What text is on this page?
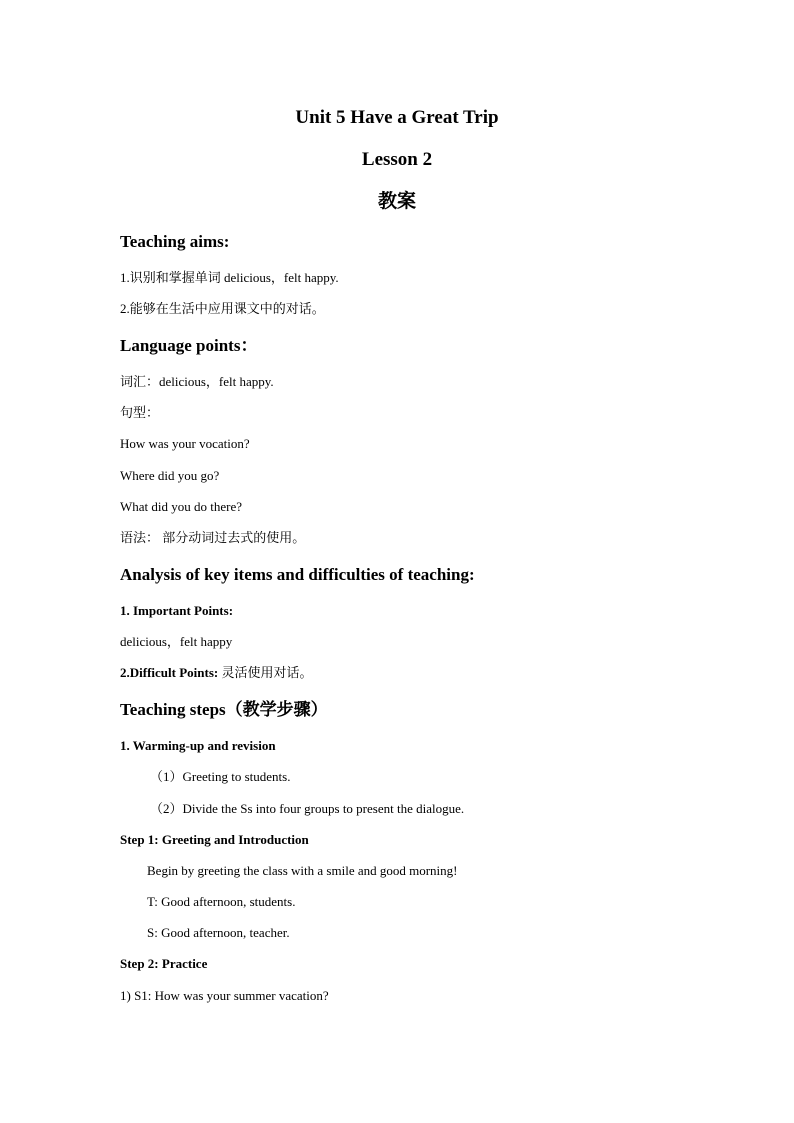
Unit 5 Have a Great Trip
Lesson 2
教案
Teaching aims:
1.识别和掌握单词 delicious，felt happy.
2.能够在生活中应用课文中的对话。
Language points：
词汇：delicious，felt happy.
句型：
How was your vocation?
Where did you go?
What did you do there?
语法： 部分动词过去式的使用。
Analysis of key items and difficulties of teaching:
1. Important Points:
delicious，felt happy
2.Difficult Points: 灵活使用对话。
Teaching steps（教学步骤）
1. Warming-up and revision
（1）Greeting to students.
（2）Divide the Ss into four groups to present the dialogue.
Step 1: Greeting and Introduction
Begin by greeting the class with a smile and good morning!
T: Good afternoon, students.
S: Good afternoon, teacher.
Step 2: Practice
1) S1: How was your summer vacation?
